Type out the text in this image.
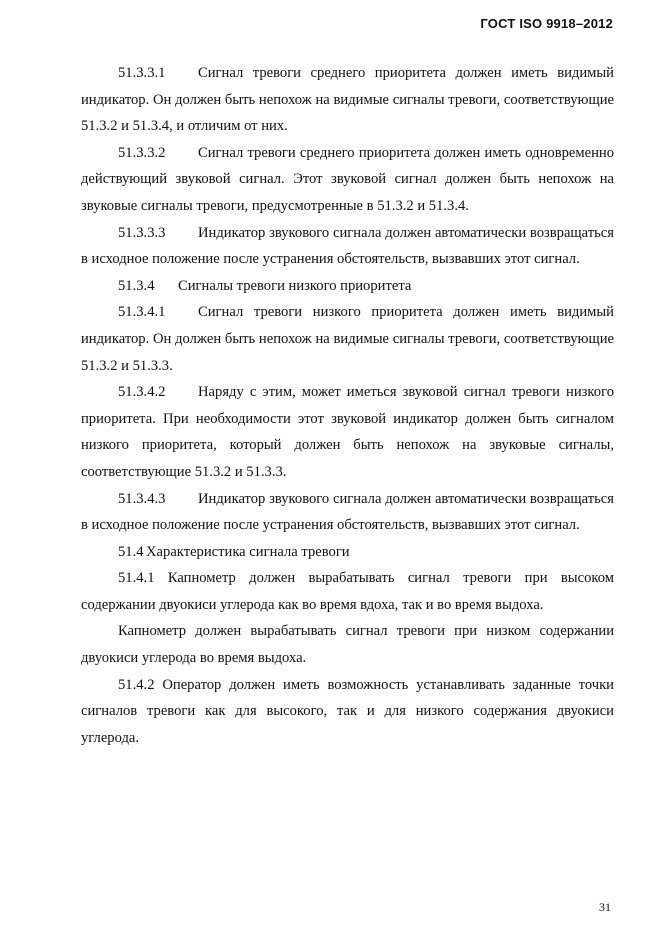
ГОСТ ISO 9918–2012

51.3.3.1 Сигнал тревоги среднего приоритета должен иметь видимый индикатор. Он должен быть непохож на видимые сигналы тревоги, соответствующие 51.3.2 и 51.3.4, и отличим от них.

51.3.3.2 Сигнал тревоги среднего приоритета должен иметь одновременно действующий звуковой сигнал. Этот звуковой сигнал должен быть непохож на звуковые сигналы тревоги, предусмотренные в 51.3.2 и 51.3.4.

51.3.3.3 Индикатор звукового сигнала должен автоматически возвращаться в исходное положение после устранения обстоятельств, вызвавших этот сигнал.

51.3.4 Сигналы тревоги низкого приоритета

51.3.4.1 Сигнал тревоги низкого приоритета должен иметь видимый индикатор. Он должен быть непохож на видимые сигналы тревоги, соответствующие 51.3.2 и 51.3.3.

51.3.4.2 Наряду с этим, может иметься звуковой сигнал тревоги низкого приоритета. При необходимости этот звуковой индикатор должен быть сигналом низкого приоритета, который должен быть непохож на звуковые сигналы, соответствующие 51.3.2 и 51.3.3.

51.3.4.3 Индикатор звукового сигнала должен автоматически возвращаться в исходное положение после устранения обстоятельств, вызвавших этот сигнал.

51.4 Характеристика сигнала тревоги

51.4.1 Капнометр должен вырабатывать сигнал тревоги при высоком содержании двуокиси углерода как во время вдоха, так и во время выдоха.

Капнометр должен вырабатывать сигнал тревоги при низком содержании двуокиси углерода во время выдоха.

51.4.2 Оператор должен иметь возможность устанавливать заданные точки сигналов тревоги как для высокого, так и для низкого содержания двуокиси углерода.

31
